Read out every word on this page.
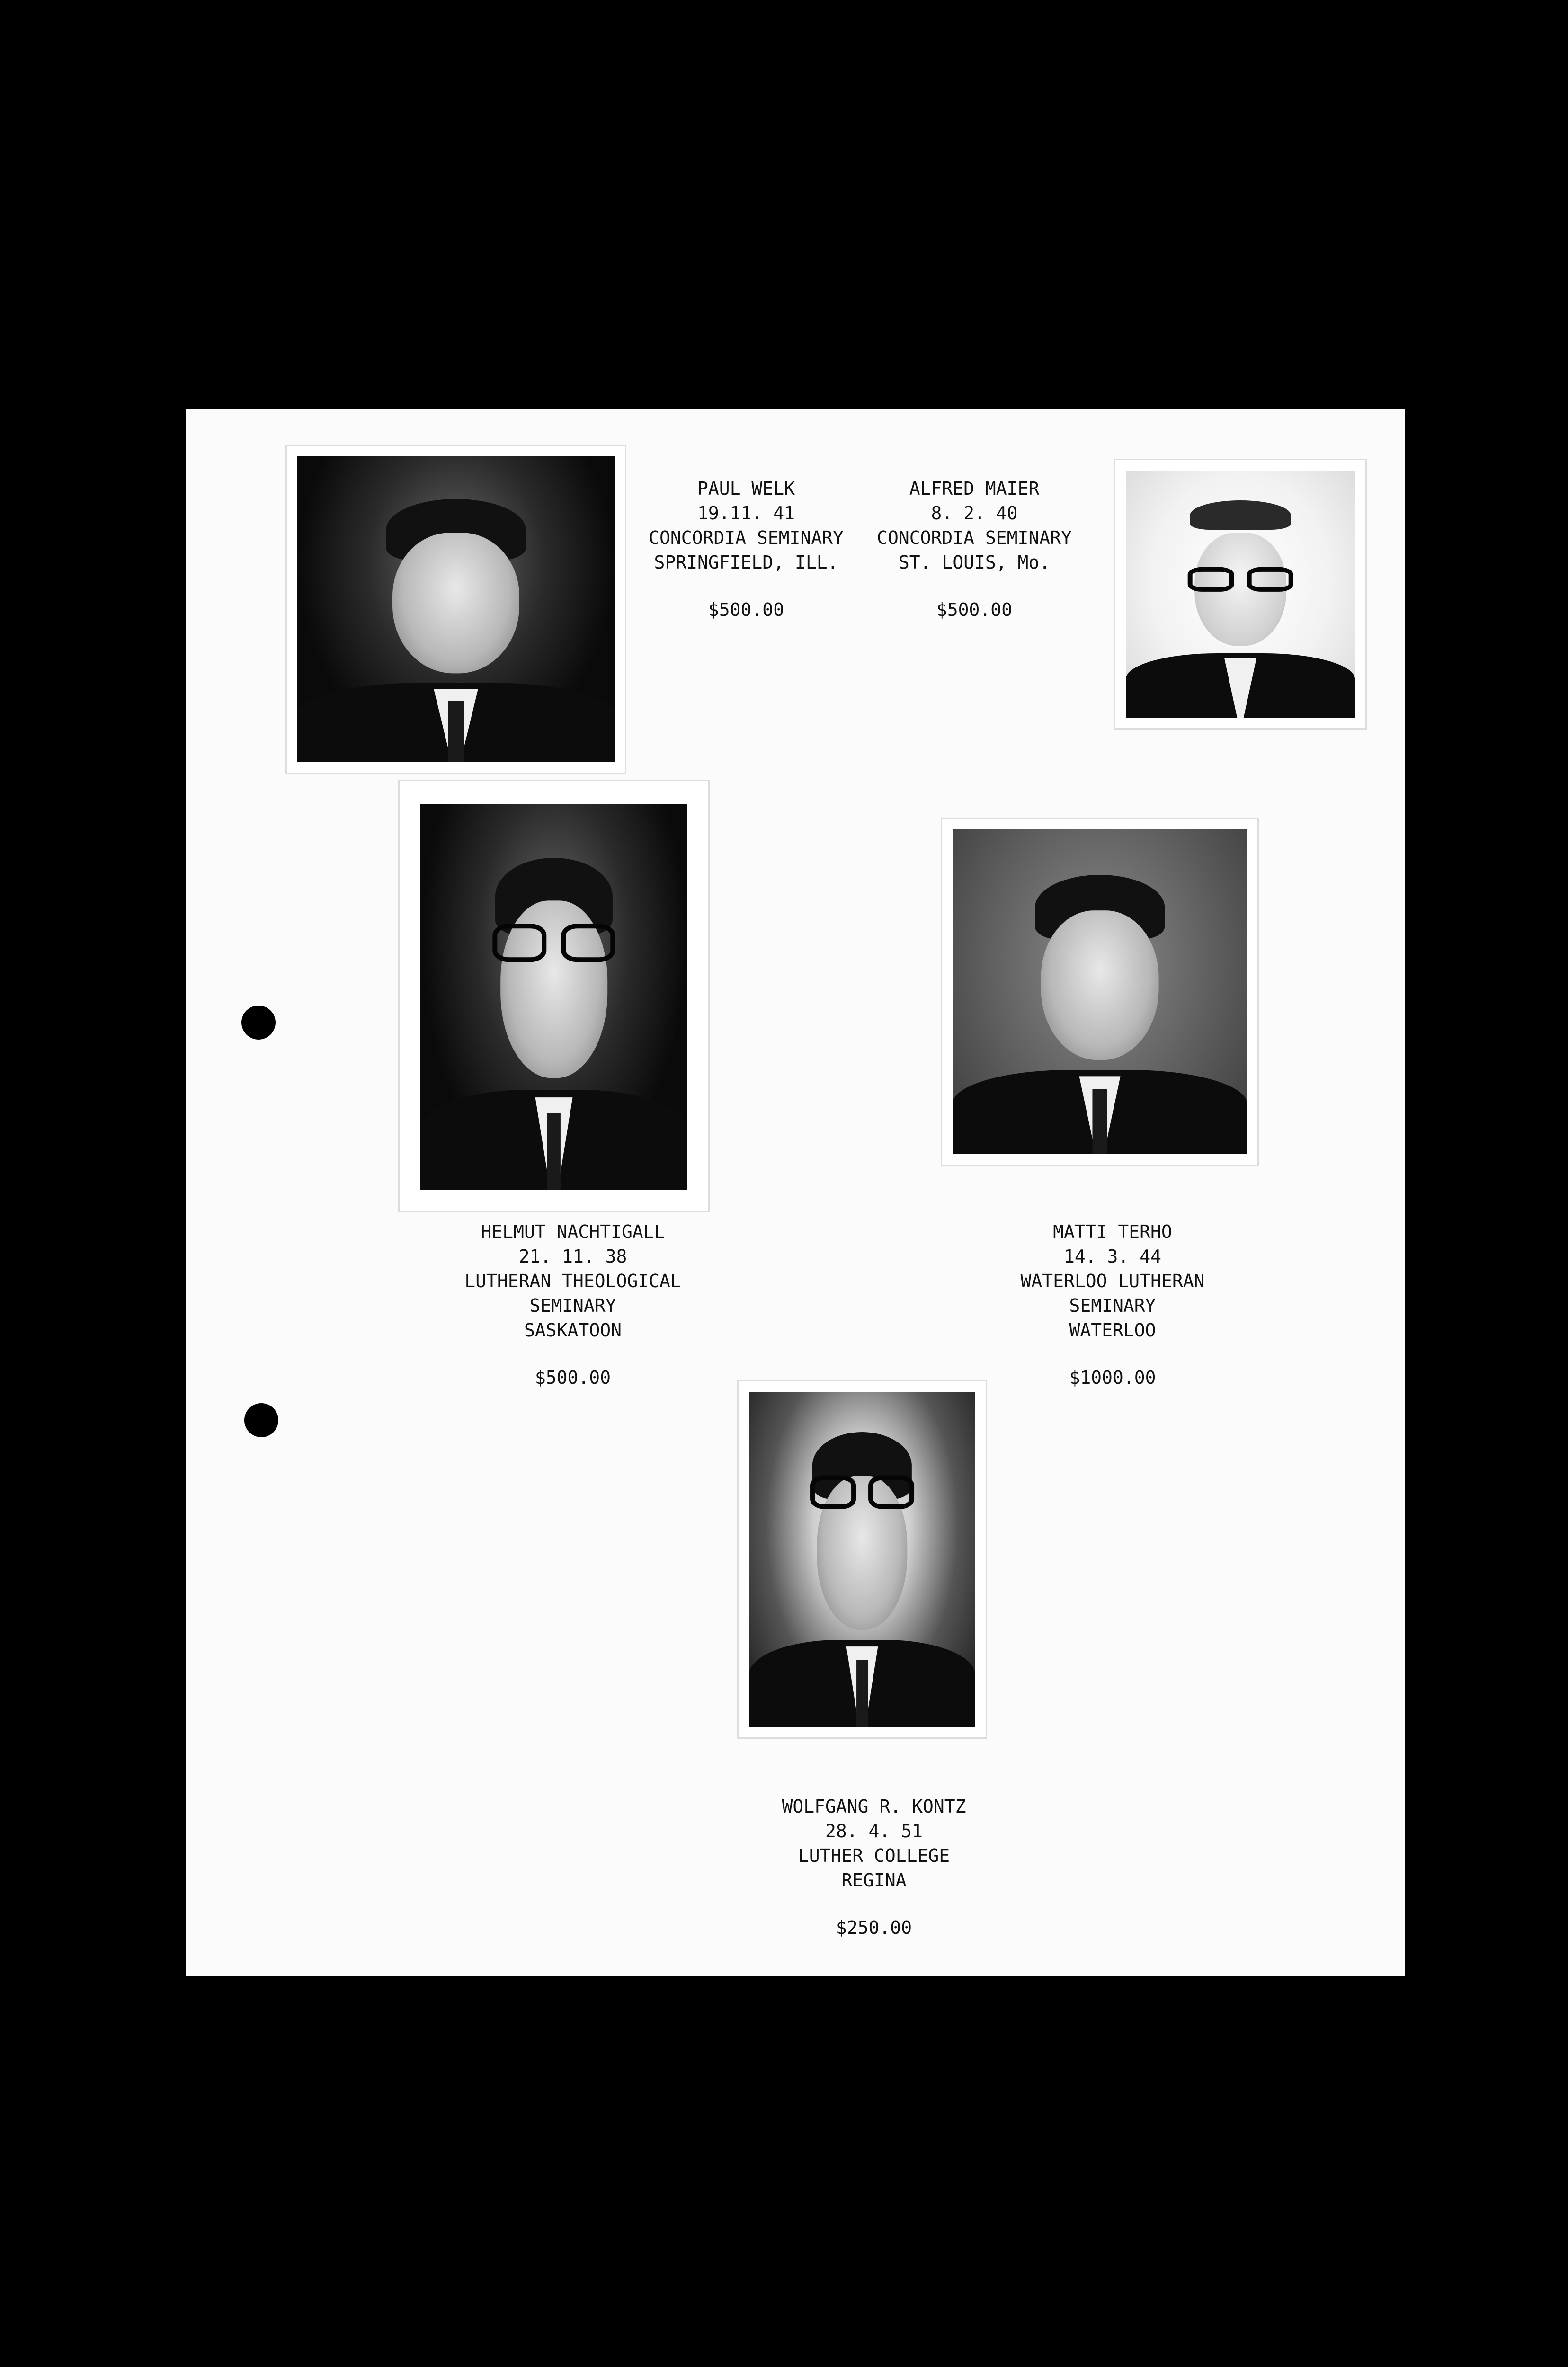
PAUL WELK
19.11. 41
CONCORDIA SEMINARY
SPRINGFIELD, ILL.
$500.00
ALFRED MAIER
8. 2. 40
CONCORDIA SEMINARY
ST. LOUIS, Mo.
$500.00
HELMUT NACHTIGALL
21. 11. 38
LUTHERAN THEOLOGICAL
SEMINARY
SASKATOON
$500.00
MATTI TERHO
14. 3. 44
WATERLOO LUTHERAN
SEMINARY
WATERLOO
$1000.00
WOLFGANG R. KONTZ
28. 4. 51
LUTHER COLLEGE
REGINA
$250.00
